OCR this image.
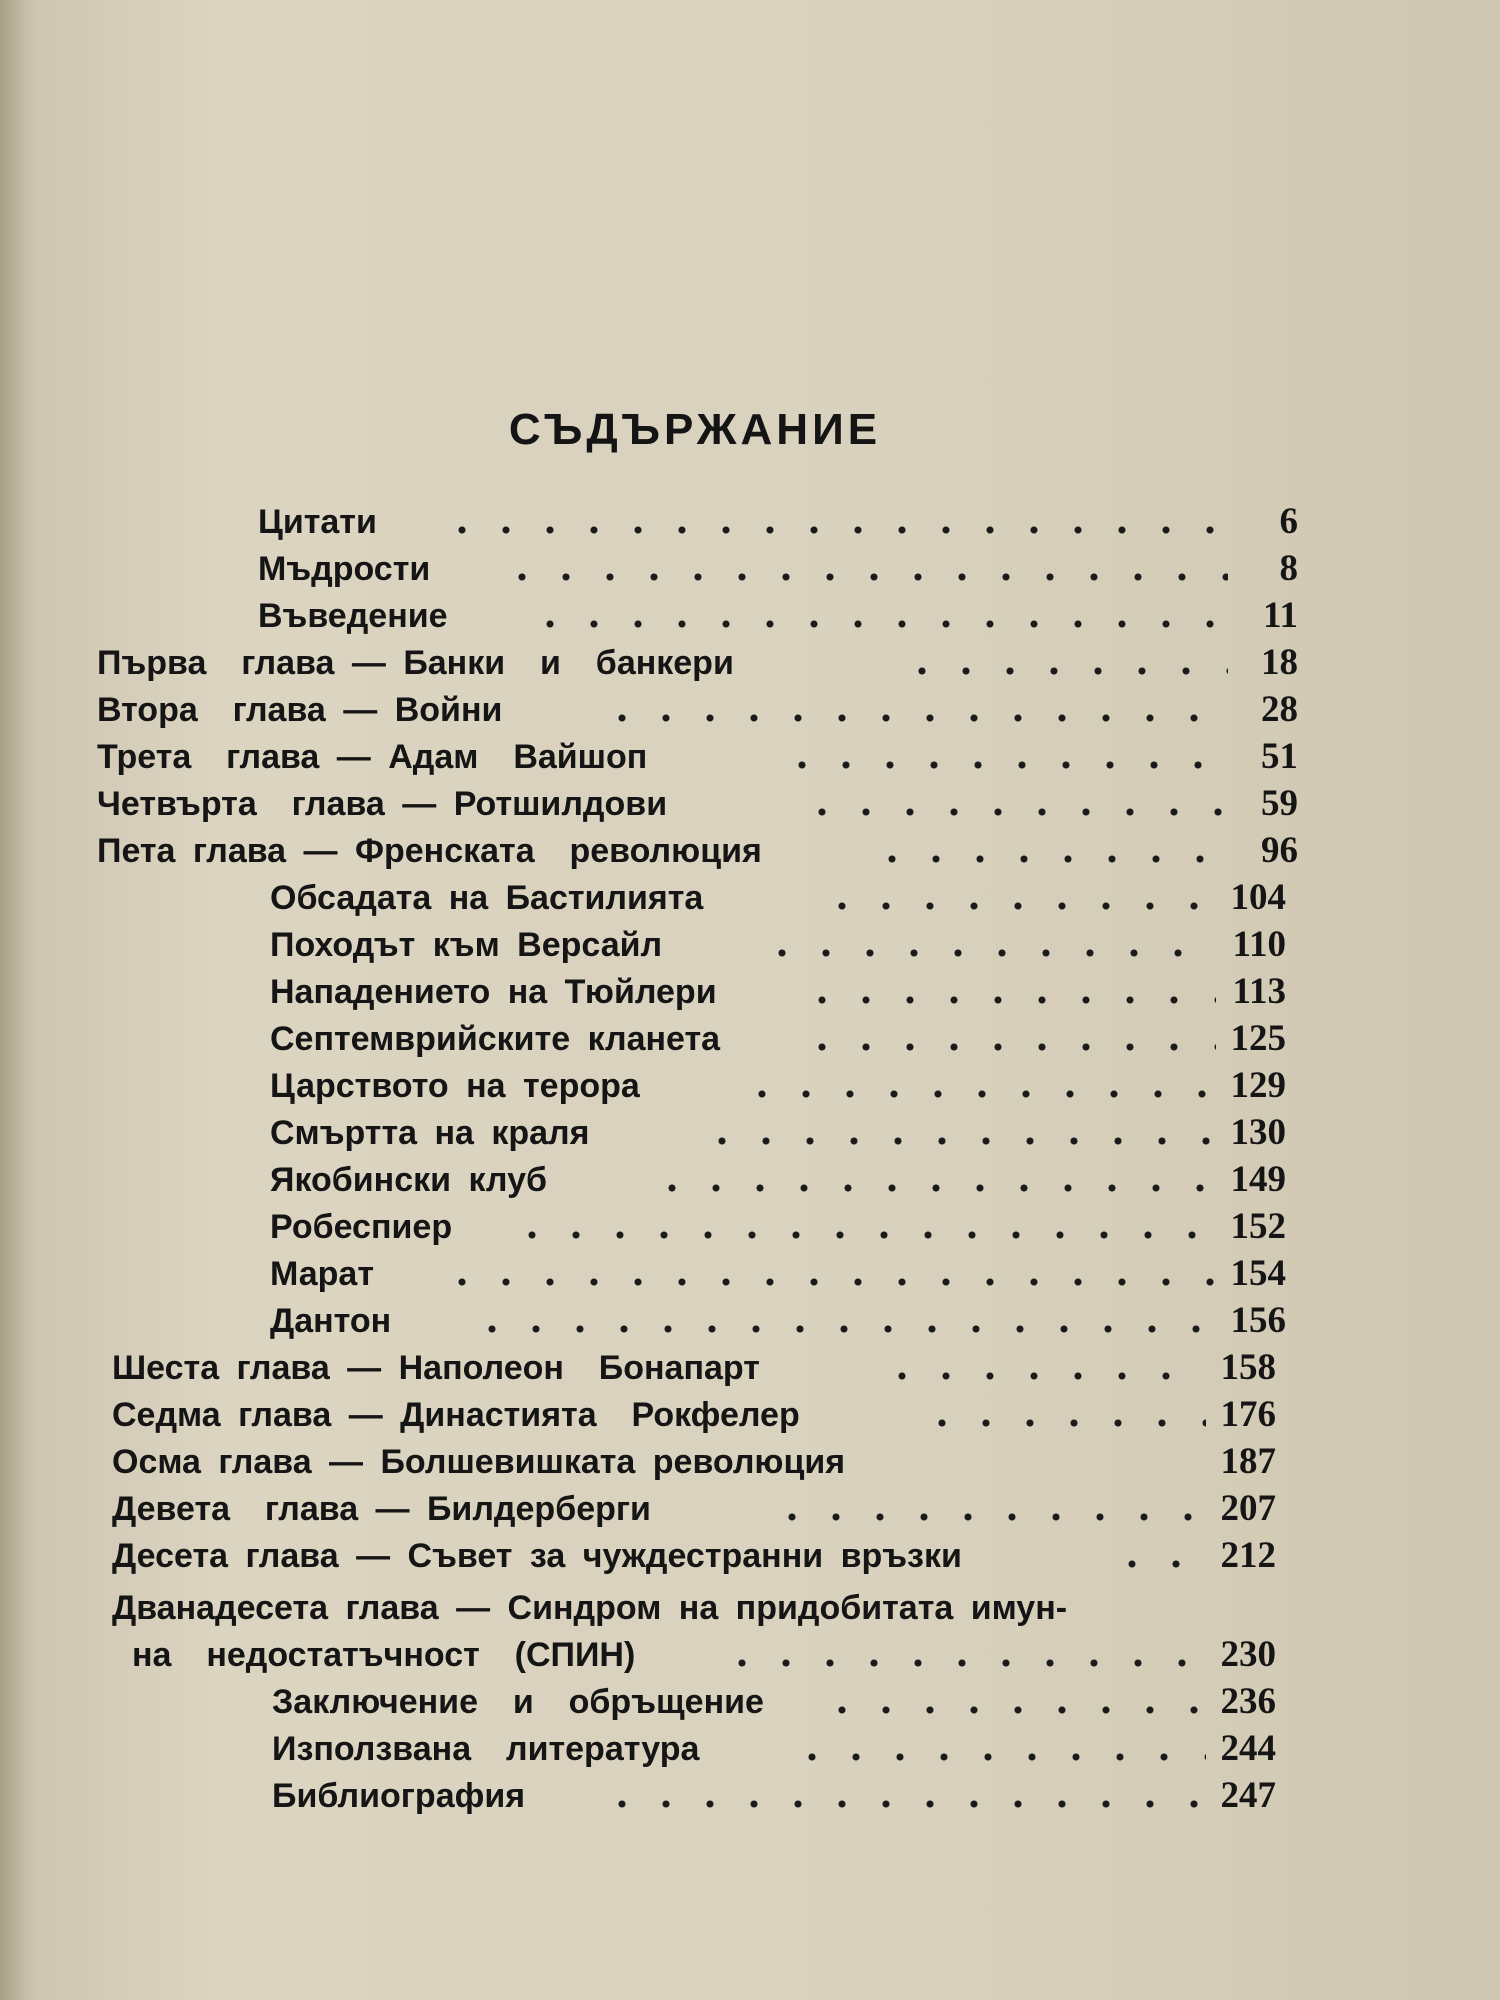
СЪДЪРЖАНИЕ
Цитати	6
Мъдрости	8
Въведение	11
Първа  глава — Банки  и  банкери	18
Втора  глава — Войни	28
Трета  глава — Адам  Вайшоп	51
Четвърта  глава — Ротшилдови	59
Пета глава — Френската  революция	96
Обсадата на Бастилията	104
Походът към Версайл	110
Нападението на Тюйлери	113
Септемврийските кланета	125
Царството на терора	129
Смъртта на краля	130
Якобински клуб	149
Робеспиер	152
Марат	154
Дантон	156
Шеста глава — Наполеон  Бонапарт	158
Седма глава — Династията  Рокфелер	176
Осма глава — Болшевишката революция	187
Девета  глава — Билдерберги	207
Десета глава — Съвет за чуждестранни връзки	212
Дванадесета глава — Синдром на придобитата имун-
на  недостатъчност  (СПИН)	230
Заключение  и  обръщение	236
Използвана  литература	244
Библиография	247
